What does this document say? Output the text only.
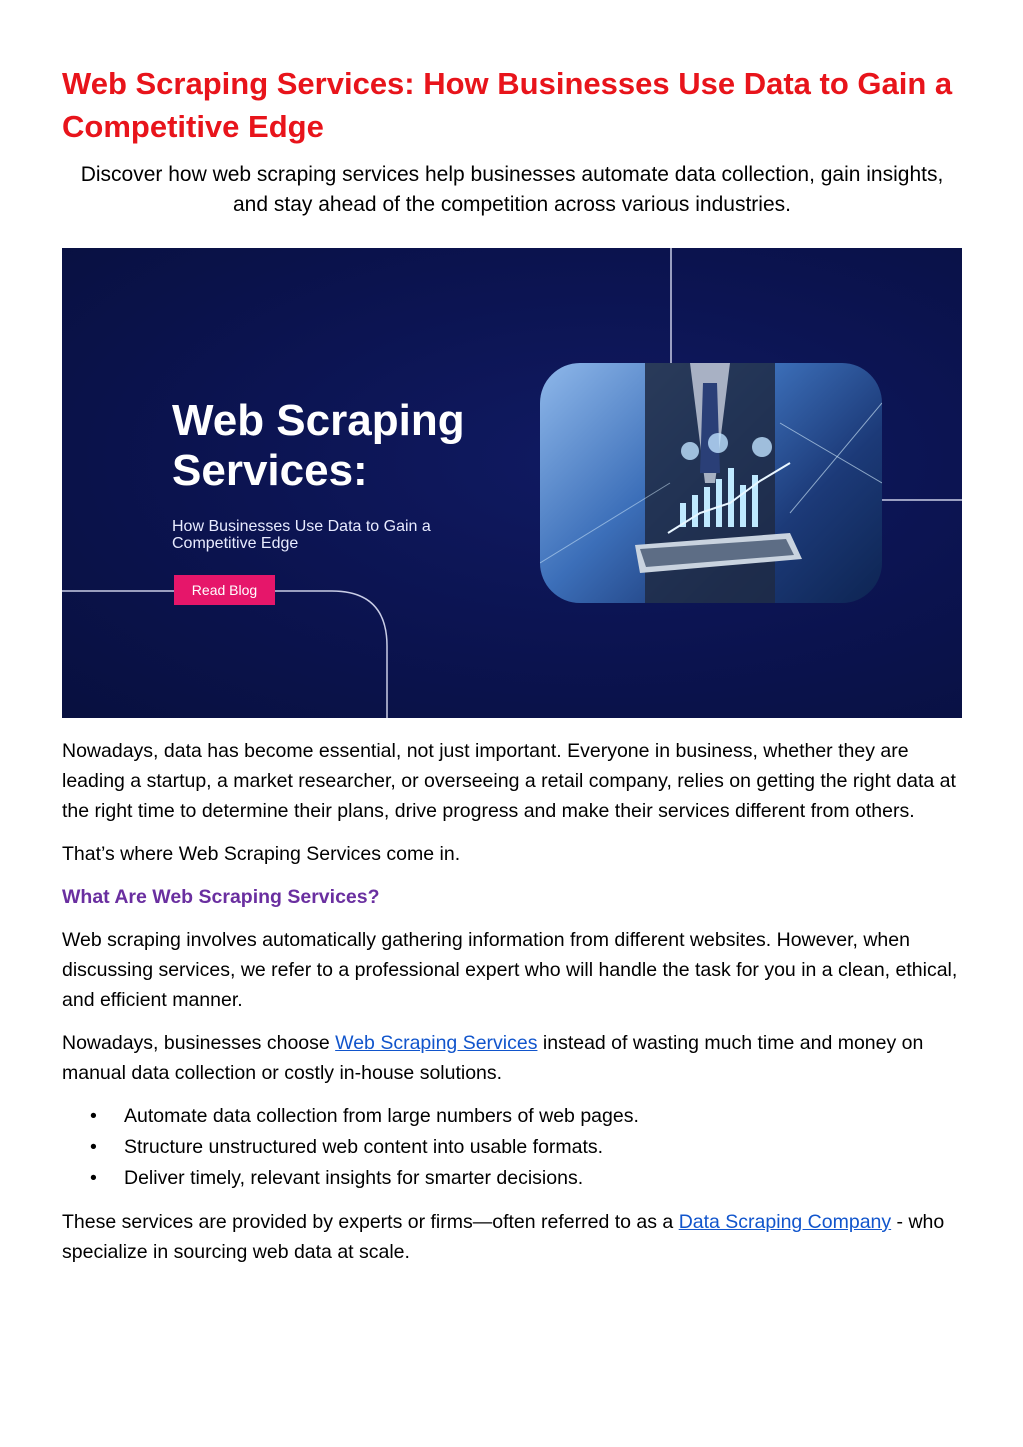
Web Scraping Services: How Businesses Use Data to Gain a Competitive Edge

Discover how web scraping services help businesses automate data collection, gain insights, and stay ahead of the competition across various industries.

Web Scraping Services:
How Businesses Use Data to Gain a Competitive Edge
Read Blog

Nowadays, data has become essential, not just important. Everyone in business, whether they are leading a startup, a market researcher, or overseeing a retail company, relies on getting the right data at the right time to determine their plans, drive progress and make their services different from others.

That’s where Web Scraping Services come in.

What Are Web Scraping Services?

Web scraping involves automatically gathering information from different websites. However, when discussing services, we refer to a professional expert who will handle the task for you in a clean, ethical, and efficient manner.

Nowadays, businesses choose Web Scraping Services instead of wasting much time and money on manual data collection or costly in-house solutions.

• Automate data collection from large numbers of web pages.
• Structure unstructured web content into usable formats.
• Deliver timely, relevant insights for smarter decisions.

These services are provided by experts or firms—often referred to as a Data Scraping Company - who specialize in sourcing web data at scale.
